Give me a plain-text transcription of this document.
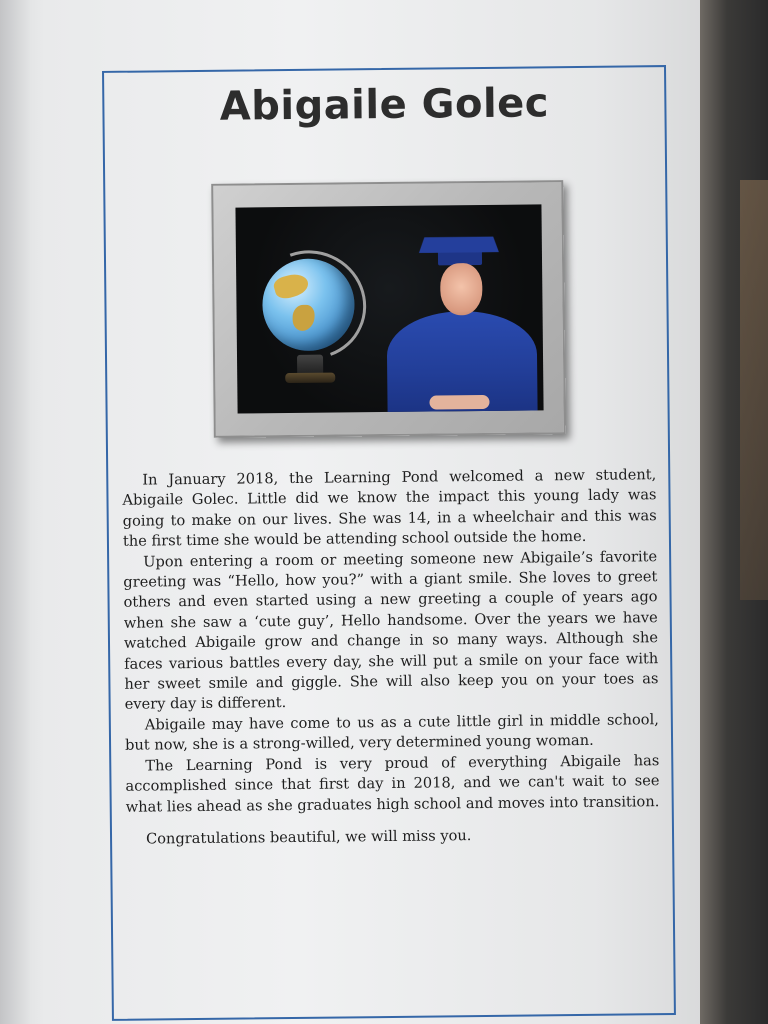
Abigaile Golec

In January 2018, the Learning Pond welcomed a new student, Abigaile Golec. Little did we know the impact this young lady was going to make on our lives. She was 14, in a wheelchair and this was the first time she would be attending school outside the home.

Upon entering a room or meeting someone new Abigaile’s favorite greeting was “Hello, how you?” with a giant smile. She loves to greet others and even started using a new greeting a couple of years ago when she saw a ‘cute guy’, Hello handsome. Over the years we have watched Abigaile grow and change in so many ways. Although she faces various battles every day, she will put a smile on your face with her sweet smile and giggle. She will also keep you on your toes as every day is different.

Abigaile may have come to us as a cute little girl in middle school, but now, she is a strong-willed, very determined young woman.

The Learning Pond is very proud of everything Abigaile has accomplished since that first day in 2018, and we can't wait to see what lies ahead as she graduates high school and moves into transition.

Congratulations beautiful, we will miss you.
